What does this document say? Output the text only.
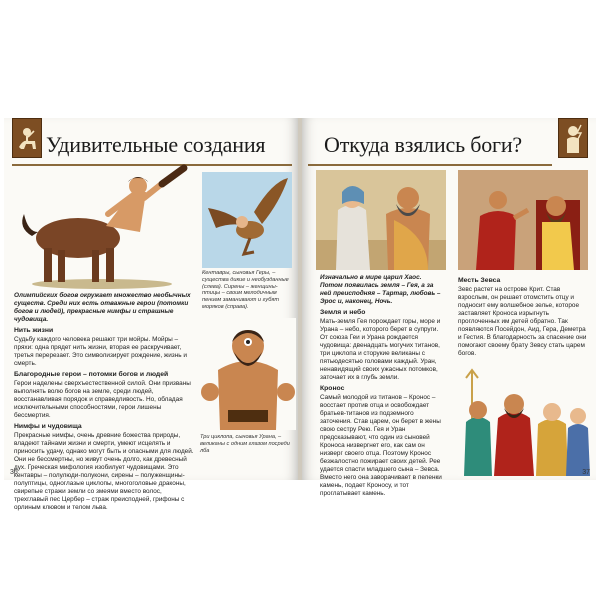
Удивительные создания
Кентавры, сыновья Геры, – существа дикие и необузданные (слева). Сирены – женщины-птицы – своим мелодичным пением заманивают и губят моряков (справа).
Три циклопа, сыновья Урана, – великаны с одним глазом посреди лба

Олимпийских богов окружает множество необычных существ. Среди них есть отважные герои (потомки богов и людей), прекрасные нимфы и страшные чудовища.

Нить жизни

Судьбу каждого человека решают три мойры. Мойры – пряхи: одна прядет нить жизни, вторая ее раскручивает, третья перерезает. Это символизирует рождение, жизнь и смерть.

Благородные герои – потомки богов и людей

Герои наделены сверхъестественной силой. Они призваны выполнять волю богов на земле, среди людей, восстанавливая порядок и справедливость. Но, обладая исключительными способностями, герои лишены бессмертия.

Нимфы и чудовища

Прекрасные нимфы, очень древние божества природы, владеют тайнами жизни и смерти, умеют исцелять и приносить удачу, однако могут быть и опасными для людей. Они не бессмертны, но живут очень долго, как древесный дух. Греческая мифология изобилует чудовищами. Это кентавры – полулюди-полукони, сирены – полуженщины-полуптицы, одноглазые циклопы, многоголовые драконы, свирепые стражи земли со змеями вместо волос, трехглавый пес Цербер – страж преисподней, грифоны с орлиным клювом и телом льва.

36
Откуда взялись боги?

Изначально в мире царил Хаос. Потом появилась земля – Гея, а за ней преисподняя – Тартар, любовь – Эрос и, наконец, Ночь.

Земля и небо

Мать-земля Гея порождает горы, море и Урана – небо, которого берет в супруги. От союза Геи и Урана рождается чудовища: двенадцать могучих титанов, три циклопа и сторукие великаны с пятьюдесятью головами каждый. Уран, ненавидящий своих ужасных потомков, заточает их в глубь земли.

Кронос

Самый молодой из титанов – Кронос – восстает против отца и освобождает братьев-титанов из подземного заточения. Став царем, он берет в жены свою сестру Рею. Гея и Уран предсказывают, что один из сыновей Кроноса низвергнет его, как сам он низверг своего отца. Поэтому Кронос безжалостно пожирает своих детей. Рее удается спасти младшего сына – Зевса. Вместо него она заворачивает в пеленки камень, подает Кроносу, и тот проглатывает камень.

Месть Зевса

Зевс растет на острове Крит. Став взрослым, он решает отомстить отцу и подносит ему волшебное зелье, которое заставляет Кроноса изрыгнуть проглоченных им детей обратно. Так появляются Посейдон, Аид, Гера, Деметра и Гестия. В благодарность за спасение они помогают своему брату Зевсу стать царем богов.

37
